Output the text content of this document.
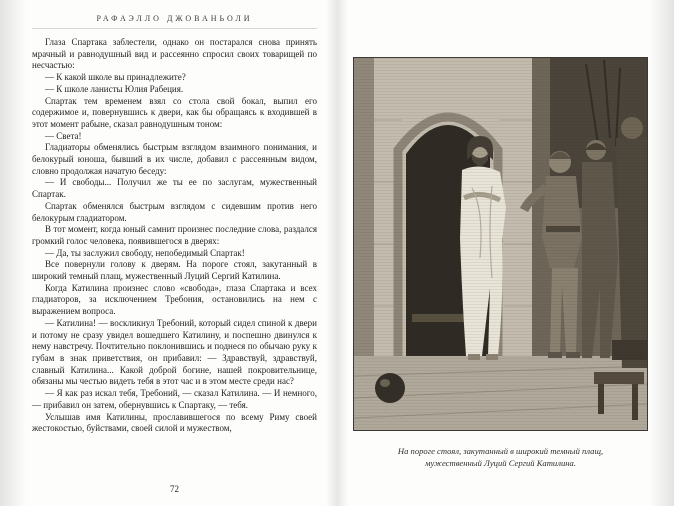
РАФАЭЛЛО ДЖОВАНЬОЛИ

Глаза Спартака заблестели, однако он постарался снова принять мрачный и равнодушный вид и рассеянно спросил своих товарищей по несчастью:

— К какой школе вы принадлежите?

— К школе ланисты Юлия Рабеция.

Спартак тем временем взял со стола свой бокал, выпил его содержимое и, повернувшись к двери, как бы обращаясь к входившей в этот момент рабыне, сказал равнодушным тоном:

— Света!

Гладиаторы обменялись быстрым взглядом взаимного понимания, и белокурый юноша, бывший в их числе, добавил с рассеянным видом, словно продолжая начатую беседу:

— И свободы... Получил же ты ее по заслугам, мужественный Спартак.

Спартак обменялся быстрым взглядом с сидевшим против него белокурым гладиатором.

В тот момент, когда юный самнит произнес последние слова, раздался громкий голос человека, появившегося в дверях:

— Да, ты заслужил свободу, непобедимый Спартак!

Все повернули голову к дверям. На пороге стоял, закутанный в широкий темный плащ, мужественный Луций Сергий Катилина.

Когда Катилина произнес слово «свобода», глаза Спартака и всех гладиаторов, за исключением Требония, остановились на нем с выражением вопроса.

— Катилина! — воскликнул Требоний, который сидел спиной к двери и потому не сразу увидел вошедшего Катилину, и поспешно двинулся к нему навстречу. Почтительно поклонившись и поднеся по обычаю руку к губам в знак приветствия, он прибавил: — Здравствуй, здравствуй, славный Катилина... Какой доброй богине, нашей покровительнице, обязаны мы честью видеть тебя в этот час и в этом месте среди нас?

— Я как раз искал тебя, Требоний, — сказал Катилина. — И немного, — прибавил он затем, обернувшись к Спартаку, — тебя.

Услышав имя Катилины, прославившегося по всему Риму своей жестокостью, буйствами, своей силой и мужеством,

72
На пороге стоял, закутанный в широкий темный плащ, мужественный Луций Сергий Катилина.
